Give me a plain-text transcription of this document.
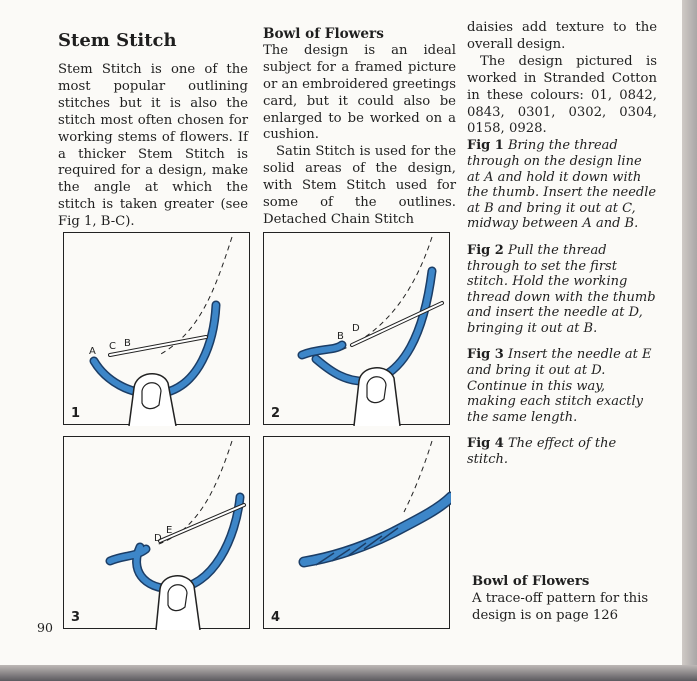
Stem Stitch

Stem Stitch is one of the most popular outlining stitches but it is also the stitch most often chosen for working stems of flowers. If a thicker Stem Stitch is required for a design, make the angle at which the stitch is taken greater (see Fig 1, B-C).

Bowl of Flowers

The design is an ideal subject for a framed picture or an embroidered greetings card, but it could also be enlarged to be worked on a cushion.

Satin Stitch is used for the solid areas of the design, with Stem Stitch used for some of the outlines. Detached Chain Stitch

daisies add texture to the overall design.

The design pictured is worked in Stranded Cotton in these colours: 01, 0842, 0843, 0301, 0302, 0304, 0158, 0928.

Fig 1 Bring the thread through on the design line at A and hold it down with the thumb. Insert the needle at B and bring it out at C, midway between A and B.

Fig 2 Pull the thread through to set the first stitch. Hold the working thread down with the thumb and insert the needle at D, bringing it out at B.

Fig 3 Insert the needle at E and bring it out at D. Continue in this way, making each stitch exactly the same length.

Fig 4 The effect of the stitch.

A C B
1
B
D
2
D
E
3	4

Bowl of Flowers
A trace-off pattern for this design is on page 126

90
